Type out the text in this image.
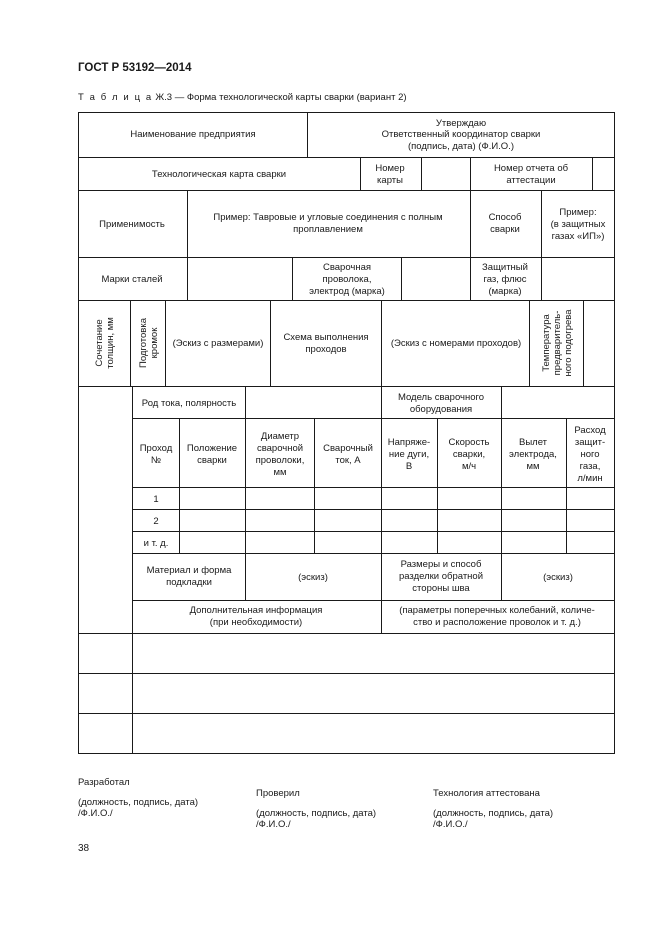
ГОСТ Р 53192—2014
Т а б л и ц а Ж.3 — Форма технологической карты сварки (вариант 2)
Наименование предприятия
Утверждаю
Ответственный координатор сварки
(подпись, дата) (Ф.И.О.)
Технологическая карта сварки
Номер
карты
Номер отчета об
аттестации
Применимость
Пример: Тавровые и угловые соединения с полным
проплавлением
Способ
сварки
Пример:
(в защитных
газах «ИП»)
Марки сталей
Сварочная
проволока,
электрод (марка)
Защитный
газ, флюс
(марка)
Сочетание толщин, мм Подготовка кромок (Эскиз с размерами)
Схема выполнения
проходов
(Эскиз с номерами проходов) Температура предваритель- ного подогрева
Род тока, полярность
Модель сварочного
оборудования
Проход
№
Положение
сварки
Диаметр
сварочной
проволоки,
мм
Сварочный
ток, А
Напряже-
ние дуги,
В
Скорость
сварки,
м/ч
Вылет
электрода,
мм
Расход
защит-
ного
газа,
л/мин
1
2
и т. д.
Материал и форма
подкладки	(эскиз)
Размеры и способ
разделки обратной
стороны шва
(эскиз)
Дополнительная информация
(при необходимости)
(параметры поперечных колебаний, количе-
ство и расположение проволок и т. д.)
Разработал
(должность, подпись, дата)
/Ф.И.О./
Проверил
(должность, подпись, дата)
/Ф.И.О./
Технология аттестована
(должность, подпись, дата)
/Ф.И.О./
38
